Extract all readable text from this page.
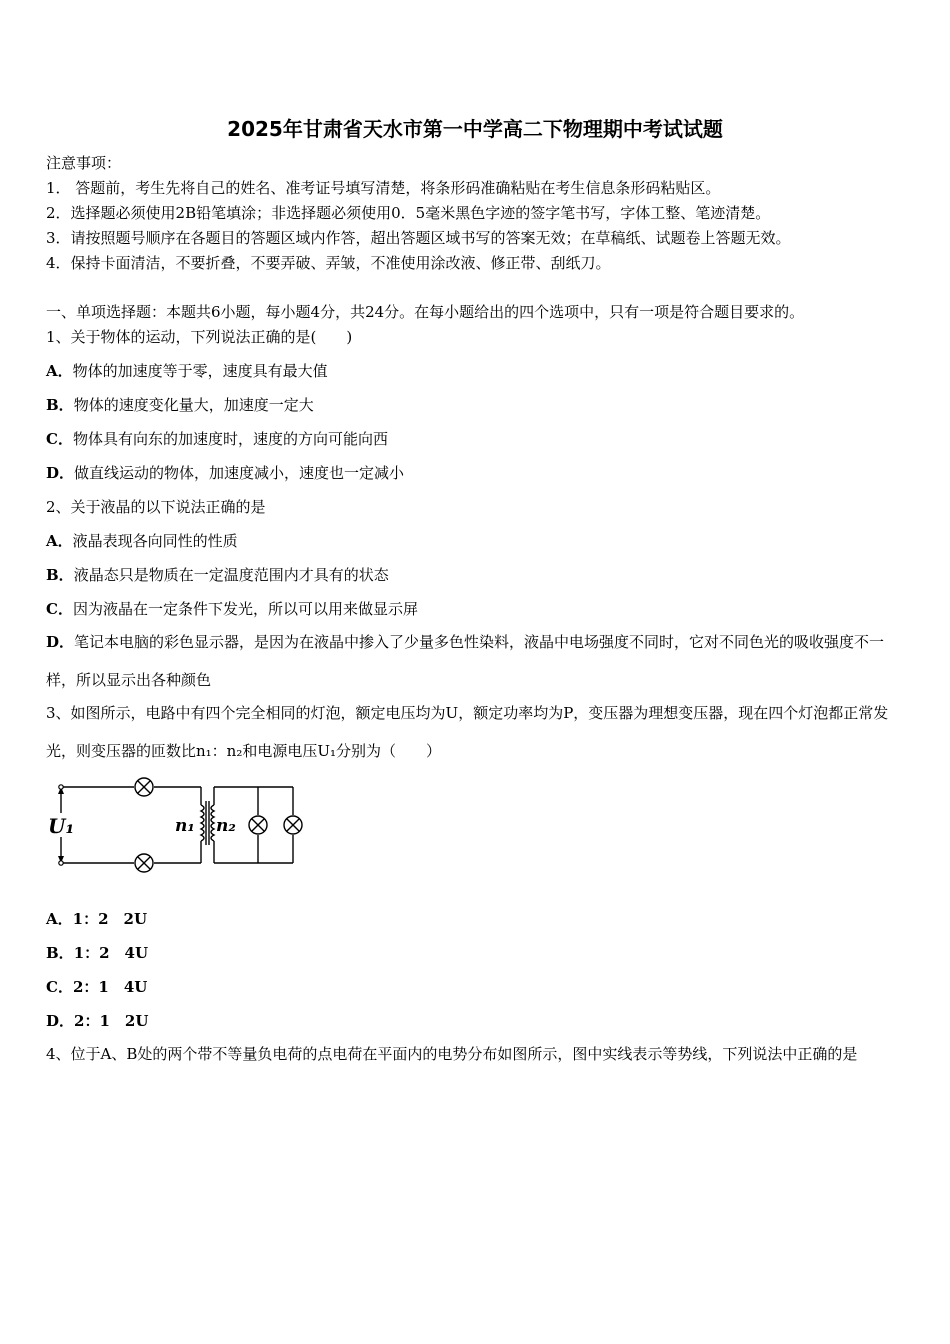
2025年甘肃省天水市第一中学高二下物理期中考试试题
注意事项：
1． 答题前，考生先将自己的姓名、准考证号填写清楚，将条形码准确粘贴在考生信息条形码粘贴区。
2．选择题必须使用2B铅笔填涂；非选择题必须使用0．5毫米黑色字迹的签字笔书写，字体工整、笔迹清楚。
3．请按照题号顺序在各题目的答题区域内作答，超出答题区域书写的答案无效；在草稿纸、试题卷上答题无效。
4．保持卡面清洁，不要折叠，不要弄破、弄皱，不准使用涂改液、修正带、刮纸刀。
一、单项选择题：本题共6小题，每小题4分，共24分。在每小题给出的四个选项中，只有一项是符合题目要求的。
1、关于物体的运动，下列说法正确的是(　　)
A．物体的加速度等于零，速度具有最大值
B．物体的速度变化量大，加速度一定大
C．物体具有向东的加速度时，速度的方向可能向西
D．做直线运动的物体，加速度减小，速度也一定减小
2、关于液晶的以下说法正确的是
A．液晶表现各向同性的性质
B．液晶态只是物质在一定温度范围内才具有的状态
C．因为液晶在一定条件下发光，所以可以用来做显示屏
D．笔记本电脑的彩色显示器，是因为在液晶中掺入了少量多色性染料，液晶中电场强度不同时，它对不同色光的吸收强度不一样，所以显示出各种颜色
3、如图所示，电路中有四个完全相同的灯泡，额定电压均为U，额定功率均为P，变压器为理想变压器，现在四个灯泡都正常发光，则变压器的匝数比n₁：n₂和电源电压U₁分别为（　　）
U₁	n₁ n₂
A．1：2　2U
B．1：2　4U
C．2：1　4U
D．2：1　2U
4、位于A、B处的两个带不等量负电荷的点电荷在平面内的电势分布如图所示，图中实线表示等势线，下列说法中正确的是
